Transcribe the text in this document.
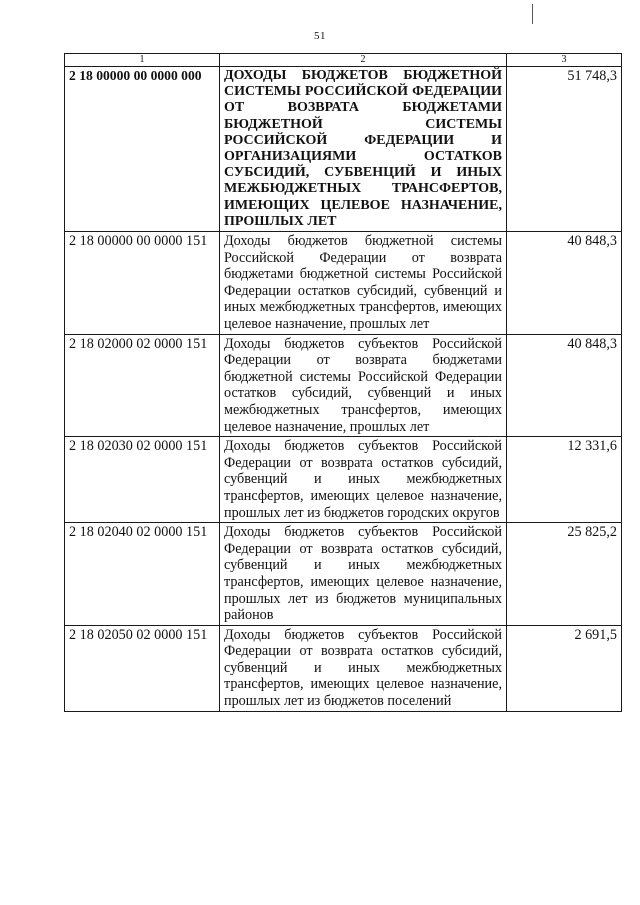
51
1	2	3
2 18 00000 00 0000 000	ДОХОДЫ БЮДЖЕТОВ БЮДЖЕТНОЙ СИСТЕМЫ РОССИЙСКОЙ ФЕДЕРАЦИИ ОТ ВОЗВРАТА БЮДЖЕТАМИ БЮДЖЕТНОЙ СИСТЕМЫ РОССИЙСКОЙ ФЕДЕРАЦИИ И ОРГАНИЗАЦИЯМИ ОСТАТКОВ СУБСИДИЙ, СУБВЕНЦИЙ И ИНЫХ МЕЖБЮДЖЕТНЫХ ТРАНСФЕРТОВ, ИМЕЮЩИХ ЦЕЛЕВОЕ НАЗНАЧЕНИЕ, ПРОШЛЫХ ЛЕТ	51 748,3
2 18 00000 00 0000 151	Доходы бюджетов бюджетной системы Российской Федерации от возврата бюджетами бюджетной системы Российской Федерации остатков субсидий, субвенций и иных межбюджетных трансфертов, имеющих целевое назначение, прошлых лет	40 848,3
2 18 02000 02 0000 151	Доходы бюджетов субъектов Российской Федерации от возврата бюджетами бюджетной системы Российской Федерации остатков субсидий, субвенций и иных межбюджетных трансфертов, имеющих целевое назначение, прошлых лет	40 848,3
2 18 02030 02 0000 151	Доходы бюджетов субъектов Российской Федерации от возврата остатков субсидий, субвенций и иных межбюджетных трансфертов, имеющих целевое назначение, прошлых лет из бюджетов городских округов	12 331,6
2 18 02040 02 0000 151	Доходы бюджетов субъектов Российской Федерации от возврата остатков субсидий, субвенций и иных межбюджетных трансфертов, имеющих целевое назначение, прошлых лет из бюджетов муниципальных районов	25 825,2
2 18 02050 02 0000 151	Доходы бюджетов субъектов Российской Федерации от возврата остатков субсидий, субвенций и иных межбюджетных трансфертов, имеющих целевое назначение, прошлых лет из бюджетов поселений	2 691,5
